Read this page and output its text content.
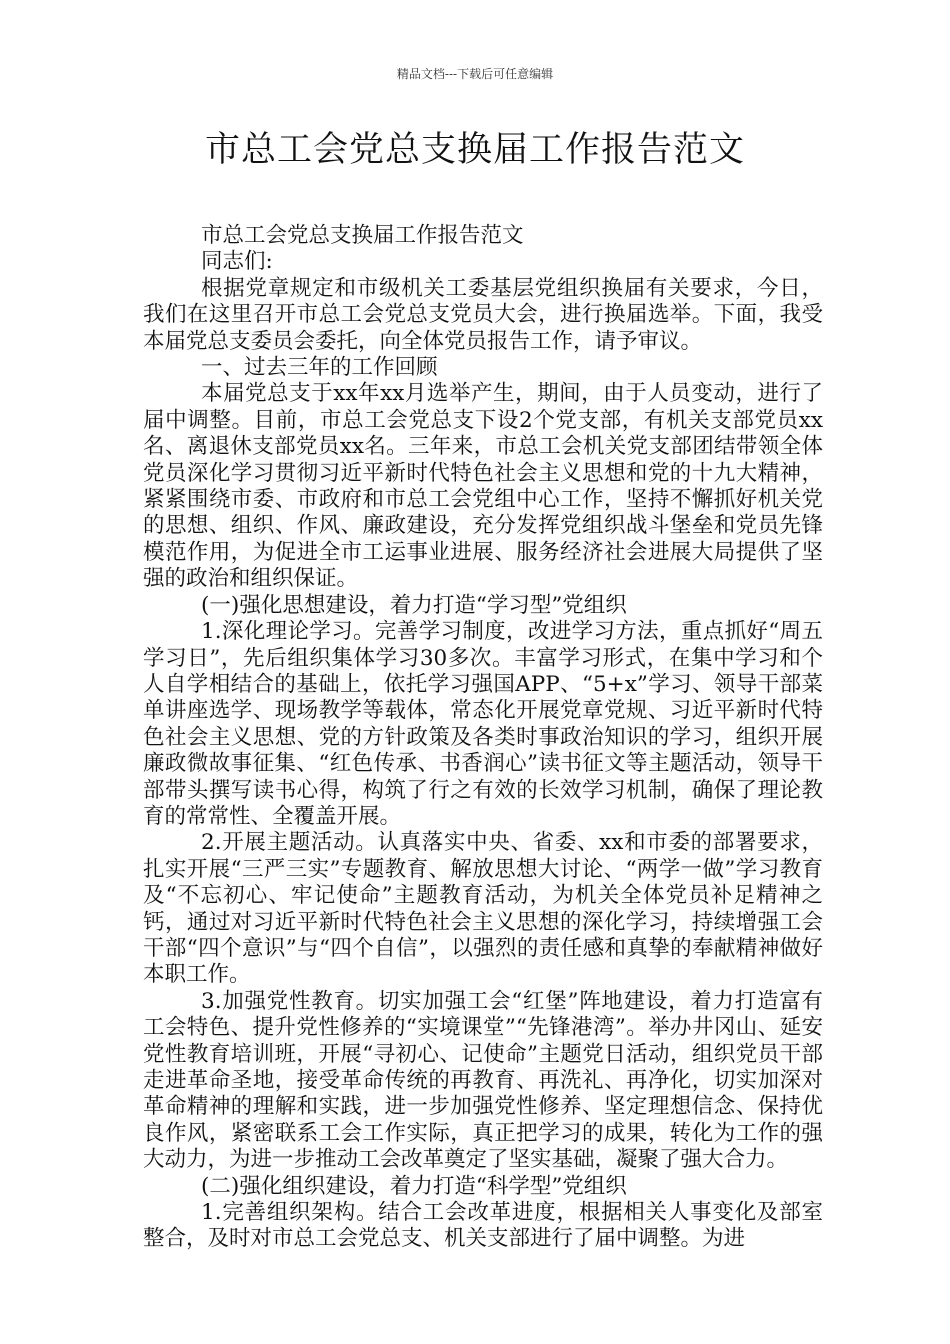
精品文档---下载后可任意编辑
市总工会党总支换届工作报告范文

市总工会党总支换届工作报告范文

同志们:

根据党章规定和市级机关工委基层党组织换届有关要求，今日，我们在这里召开市总工会党总支党员大会，进行换届选举。下面，我受本届党总支委员会委托，向全体党员报告工作，请予审议。

一、过去三年的工作回顾

本届党总支于xx年xx月选举产生，期间，由于人员变动，进行了届中调整。目前，市总工会党总支下设2个党支部，有机关支部党员xx名、离退休支部党员xx名。三年来，市总工会机关党支部团结带领全体党员深化学习贯彻习近平新时代特色社会主义思想和党的十九大精神，紧紧围绕市委、市政府和市总工会党组中心工作，坚持不懈抓好机关党的思想、组织、作风、廉政建设，充分发挥党组织战斗堡垒和党员先锋模范作用，为促进全市工运事业进展、服务经济社会进展大局提供了坚强的政治和组织保证。

(一)强化思想建设，着力打造“学习型”党组织

1.深化理论学习。完善学习制度，改进学习方法，重点抓好“周五学习日”，先后组织集体学习30多次。丰富学习形式，在集中学习和个人自学相结合的基础上，依托学习强国APP、“5+x”学习、领导干部菜单讲座选学、现场教学等载体，常态化开展党章党规、习近平新时代特色社会主义思想、党的方针政策及各类时事政治知识的学习，组织开展廉政微故事征集、“红色传承、书香润心”读书征文等主题活动，领导干部带头撰写读书心得，构筑了行之有效的长效学习机制，确保了理论教育的常常性、全覆盖开展。

2.开展主题活动。认真落实中央、省委、xx和市委的部署要求，扎实开展“三严三实”专题教育、解放思想大讨论、“两学一做”学习教育及“不忘初心、牢记使命”主题教育活动，为机关全体党员补足精神之钙，通过对习近平新时代特色社会主义思想的深化学习，持续增强工会干部“四个意识”与“四个自信”，以强烈的责任感和真挚的奉献精神做好本职工作。

3.加强党性教育。切实加强工会“红堡”阵地建设，着力打造富有工会特色、提升党性修养的“实境课堂”“先锋港湾”。举办井冈山、延安党性教育培训班，开展“寻初心、记使命”主题党日活动，组织党员干部走进革命圣地，接受革命传统的再教育、再洗礼、再净化，切实加深对革命精神的理解和实践，进一步加强党性修养、坚定理想信念、保持优良作风，紧密联系工会工作实际，真正把学习的成果，转化为工作的强大动力，为进一步推动工会改革奠定了坚实基础，凝聚了强大合力。

(二)强化组织建设，着力打造“科学型”党组织

1.完善组织架构。结合工会改革进度，根据相关人事变化及部室整合，及时对市总工会党总支、机关支部进行了届中调整。为进
